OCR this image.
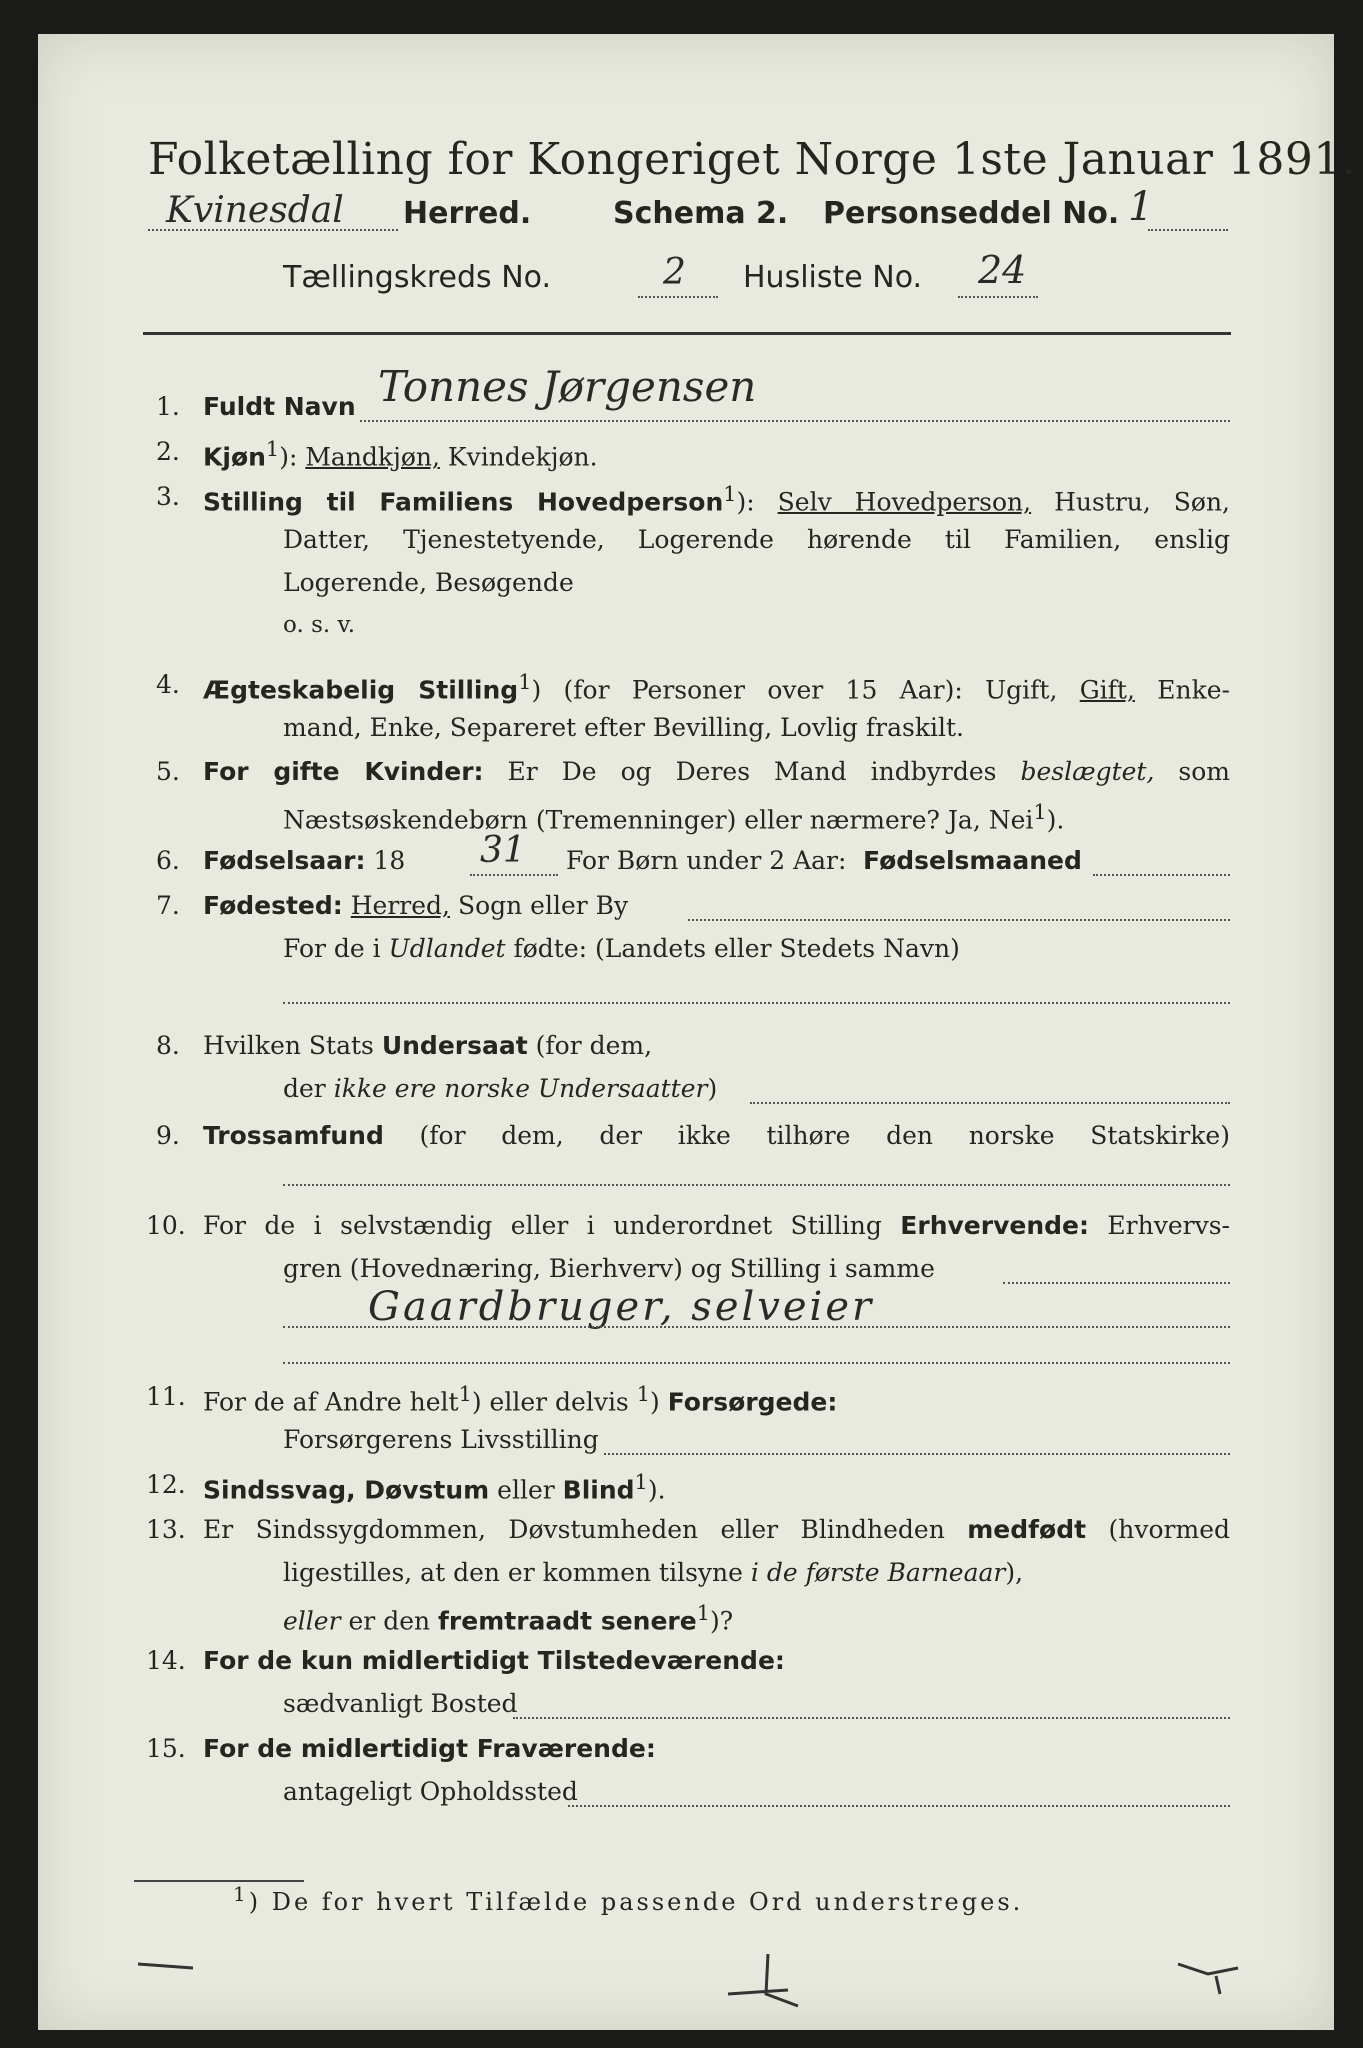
Folketælling for Kongeriget Norge 1ste Januar 1891.
Kvinesdal Herred.	Schema 2. Personseddel No. 1
Tællingskreds No.	2 Husliste No. 24
1. Fuldt Navn Tonnes Jørgensen
2. Kjøn$^1$): Mandkjøn, Kvindekjøn.
3. Stilling til Familiens Hovedperson$^1$): Selv Hovedperson, Hustru, Søn,
Datter, Tjenestetyende, Logerende hørende til Familien, enslig
Logerende, Besøgende
o. s. v.
4. Ægteskabelig Stilling$^1$) (for Personer over 15 Aar): Ugift, Gift, Enke-
mand, Enke, Separeret efter Bevilling, Lovlig fraskilt.
5. For gifte Kvinder: Er De og Deres Mand indbyrdes beslægtet, som
Næstsøskendebørn (Tremenninger) eller nærmere? Ja, Nei$^1$).
6. Fødselsaar: 18 31 For Børn under 2 Aar: Fødselsmaaned
7. Fødested: Herred, Sogn eller By
For de i Udlandet fødte: (Landets eller Stedets Navn)
8. Hvilken Stats Undersaat (for dem,
der ikke ere norske Undersaatter)
9. Trossamfund (for dem, der ikke tilhøre den norske Statskirke)
10. For de i selvstændig eller i underordnet Stilling Erhvervende: Erhvervs-
gren (Hovednæring, Bierhverv) og Stilling i samme
Gaardbruger, selveier
11. For de af Andre helt$^1$) eller delvis $^1$) Forsørgede:
Forsørgerens Livsstilling
12. Sindssvag, Døvstum eller Blind$^1$).
13. Er Sindssygdommen, Døvstumheden eller Blindheden medfødt (hvormed
ligestilles, at den er kommen tilsyne i de første Barneaar),
eller er den fremtraadt senere$^1$)?
14. For de kun midlertidigt Tilstedeværende:
sædvanligt Bosted
15. For de midlertidigt Fraværende:
antageligt Opholdssted
$^1$) De for hvert Tilfælde passende Ord understreges.
